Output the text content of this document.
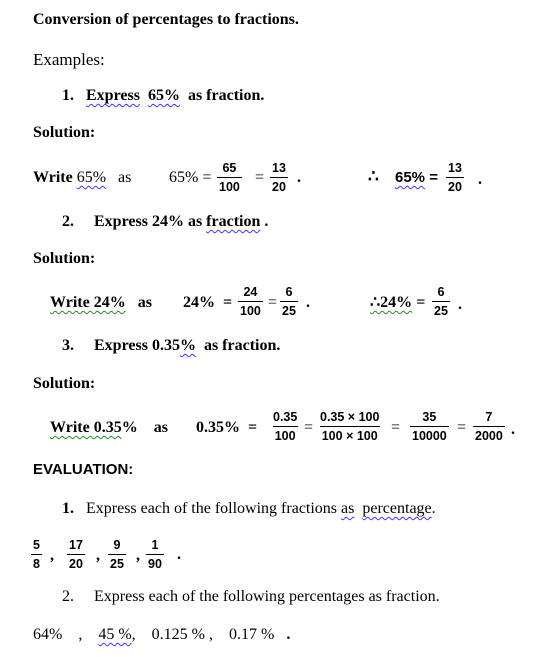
Conversion of percentages to fractions.
Examples:
1. Express 65% as fraction.
Solution:
Write 65% as $65\% = \frac{65}{100} = \frac{13}{20}$ .	∴ $65\% = \frac{13}{20}$ .
2. Express 24% as fraction .
Solution:
Write 24% as $24\% = \frac{24}{100} = \frac{6}{25}$ .	∴24% = $\frac{6}{25}$ .
3. Express 0.35% as fraction.
Solution:
Write 0.35% as $0.35\% = \frac{0.35}{100} = \frac{0.35 \times 100}{100 \times 100} = \frac{35}{10000} = \frac{7}{2000}$ .
EVALUATION:
1. Express each of the following fractions as percentage.
$\frac{5}{8}$ , $\frac{17}{20}$ , $\frac{9}{25}$ , $\frac{1}{90}$ .
2. Express each of the following percentages as fraction.
64%    ,    45 %,    0.125 % ,    0.17 % .
